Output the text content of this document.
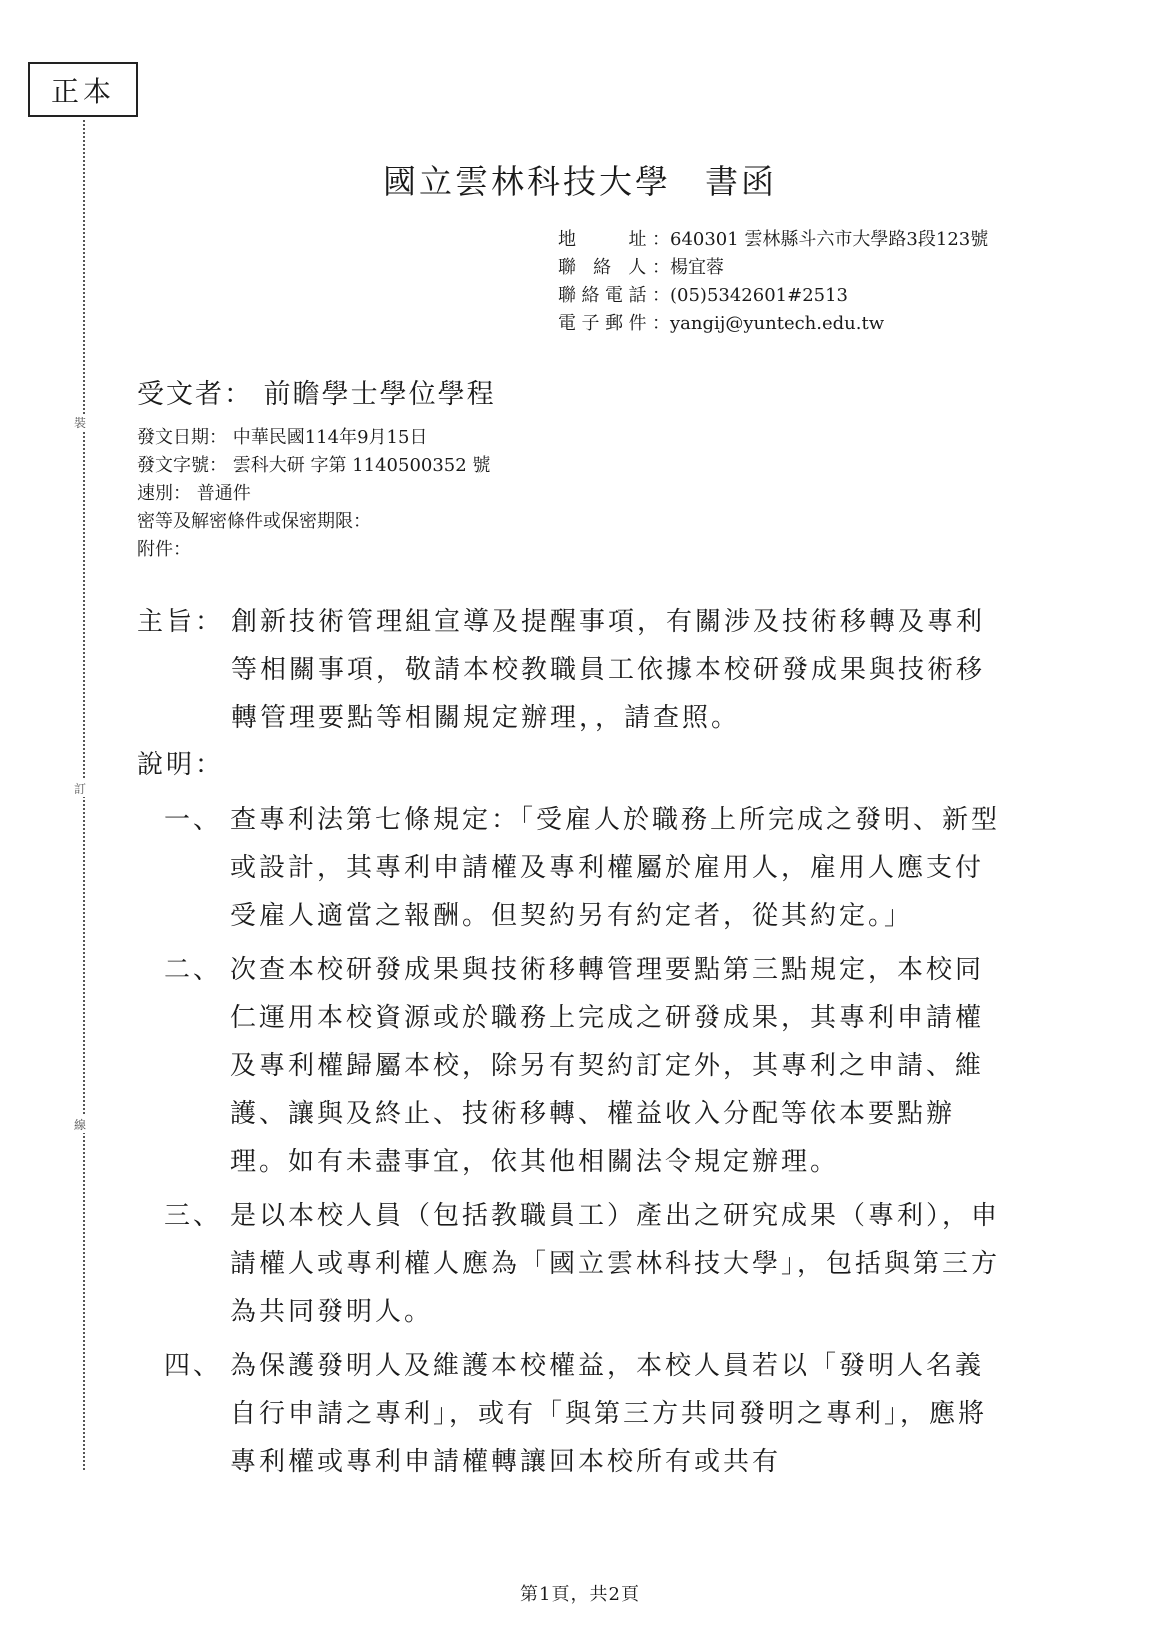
正本
裝
訂
線
國立雲林科技大學 書函
地　　址： 640301 雲林縣斗六市大學路3段123號
聯 絡 人： 楊宜蓉
聯絡電話： (05)5342601#2513
電子郵件： yangij@yuntech.edu.tw
受文者： 前瞻學士學位學程
發文日期： 中華民國114年9月15日
發文字號： 雲科大研 字第 1140500352 號
速別： 普通件
密等及解密條件或保密期限：
附件：
主旨： 創新技術管理組宣導及提醒事項，有關涉及技術移轉及專利等相關事項，敬請本校教職員工依據本校研發成果與技術移轉管理要點等相關規定辦理，，請查照。
說明：
一、 查專利法第七條規定：「受雇人於職務上所完成之發明、新型或設計，其專利申請權及專利權屬於雇用人，雇用人應支付受雇人適當之報酬。但契約另有約定者，從其約定。」
二、 次查本校研發成果與技術移轉管理要點第三點規定，本校同仁運用本校資源或於職務上完成之研發成果，其專利申請權及專利權歸屬本校，除另有契約訂定外，其專利之申請、維護、讓與及終止、技術移轉、權益收入分配等依本要點辦理。如有未盡事宜，依其他相關法令規定辦理。
三、 是以本校人員（包括教職員工）產出之研究成果（專利），申請權人或專利權人應為「國立雲林科技大學」，包括與第三方為共同發明人。
四、 為保護發明人及維護本校權益，本校人員若以「發明人名義自行申請之專利」，或有「與第三方共同發明之專利」，應將專利權或專利申請權轉讓回本校所有或共有
第1頁，共2頁
